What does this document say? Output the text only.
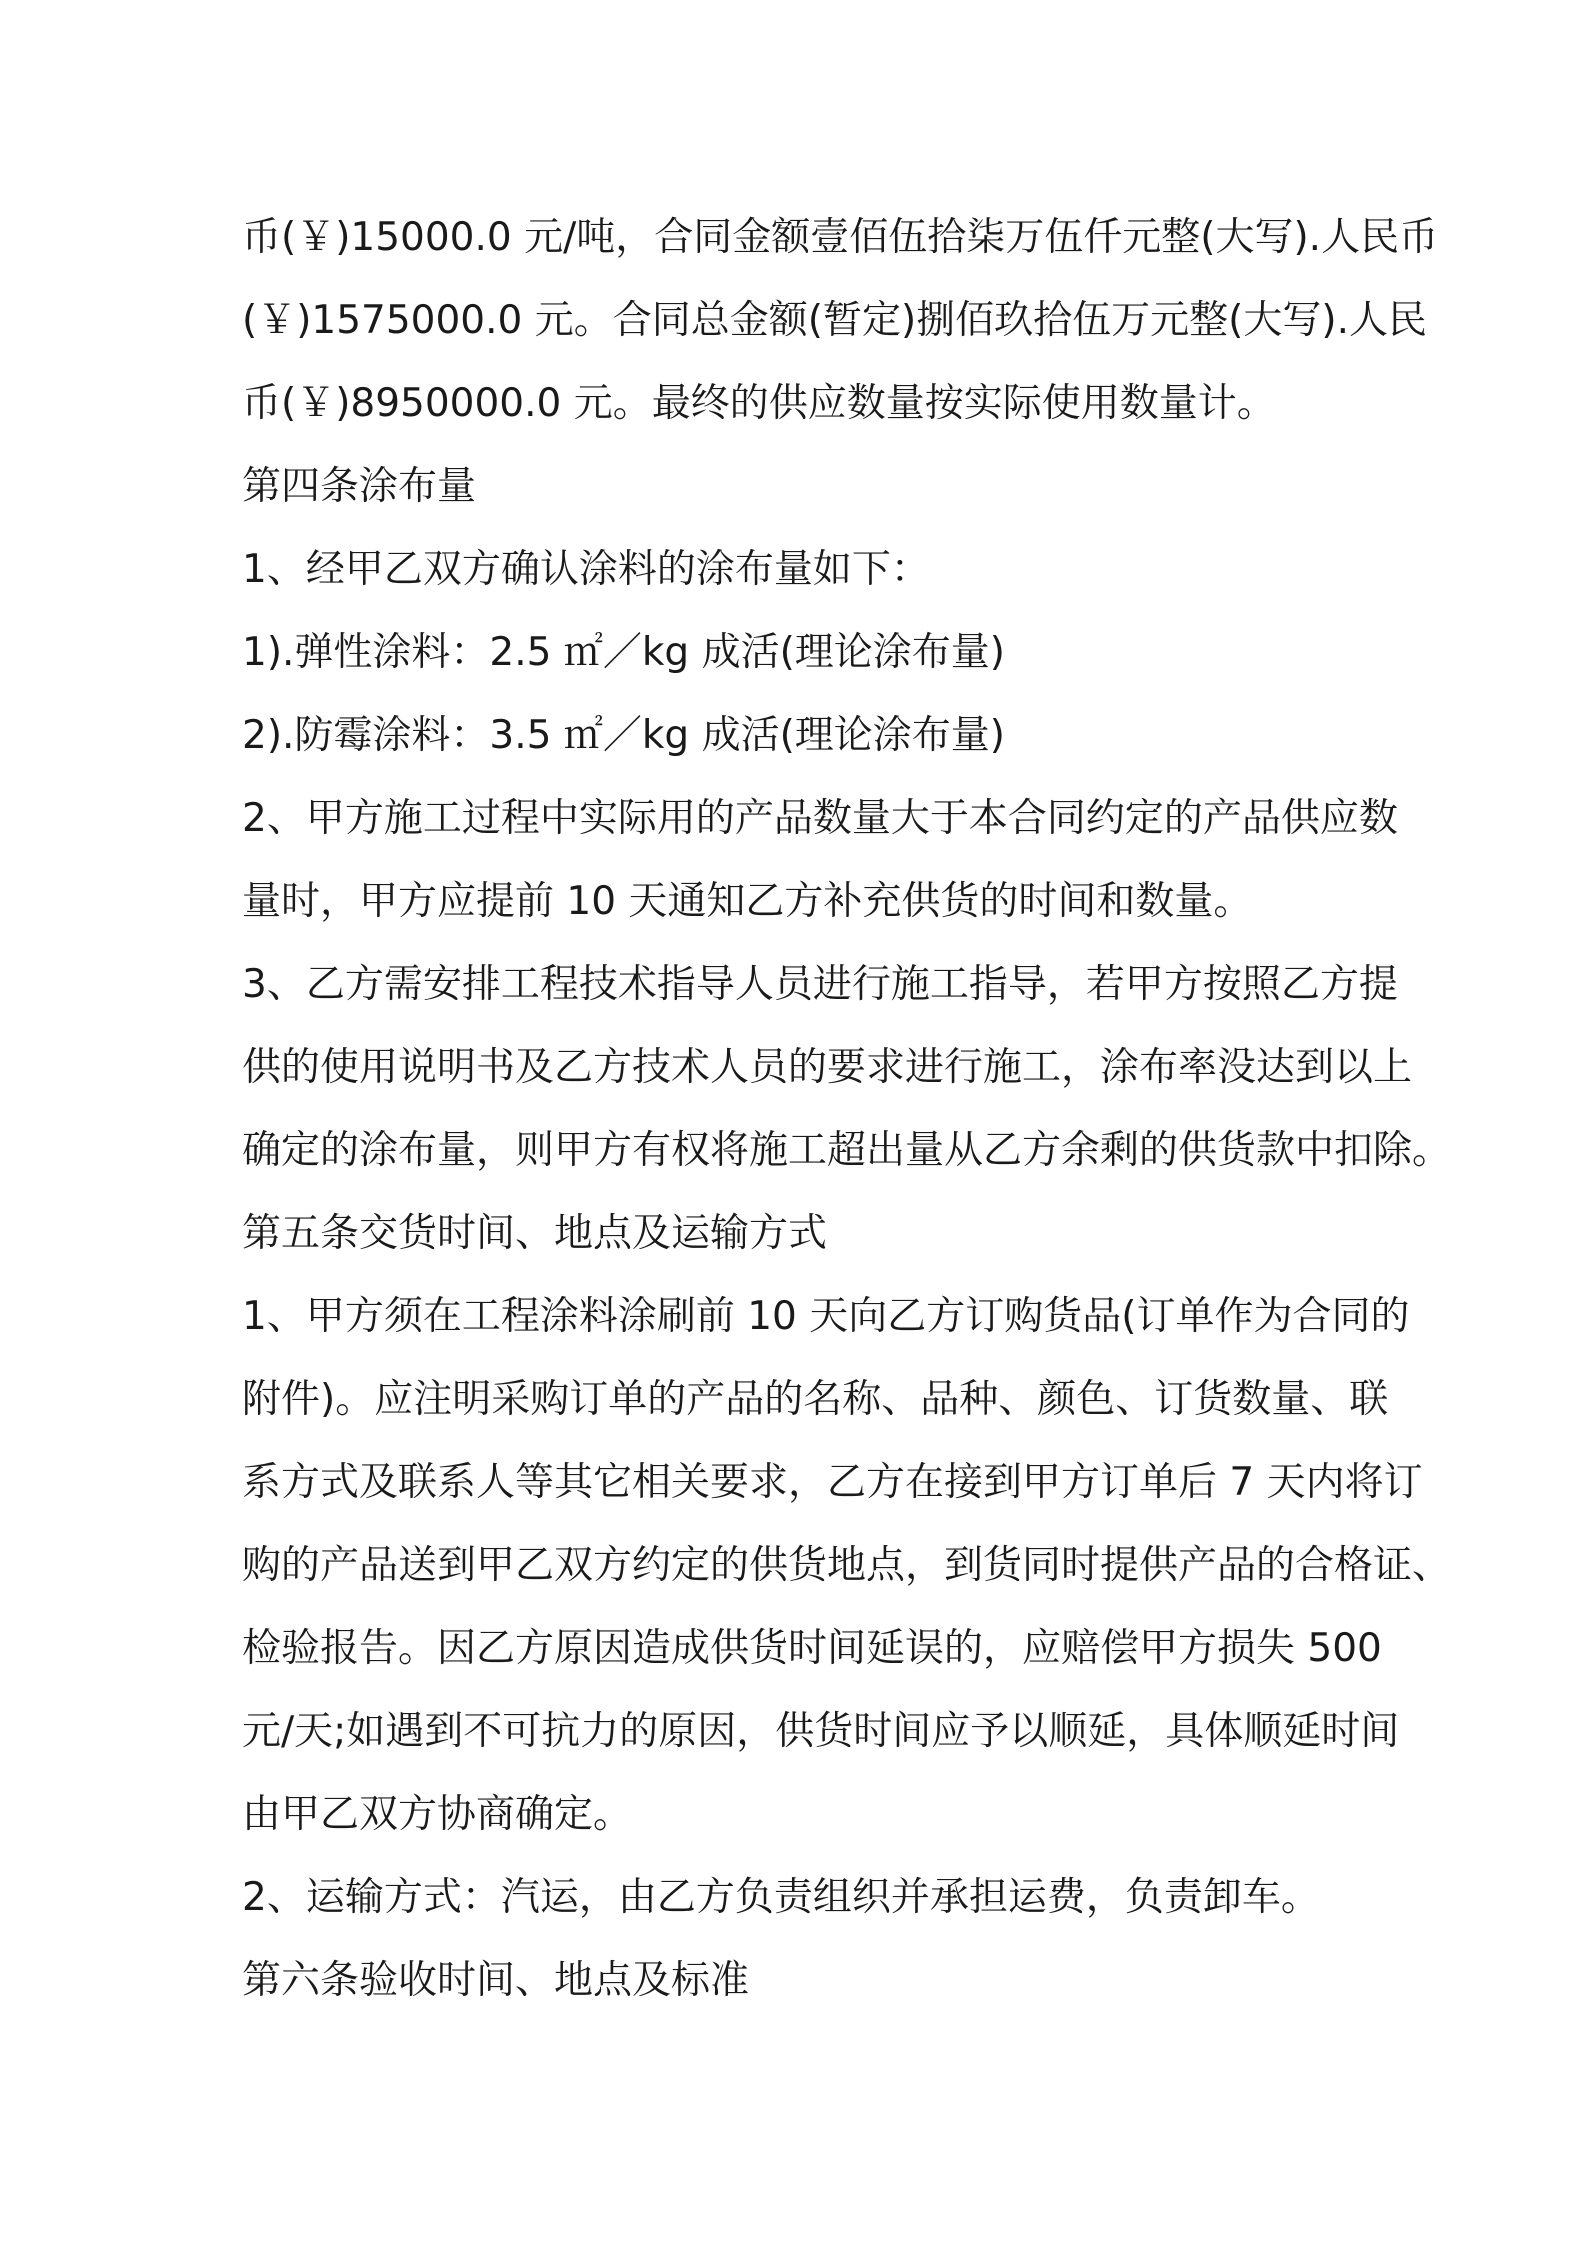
币(￥)15000.0 元/吨，合同金额壹佰伍拾柒万伍仟元整(大写).人民币
(￥)1575000.0 元。合同总金额(暂定)捌佰玖拾伍万元整(大写).人民
币(￥)8950000.0 元。最终的供应数量按实际使用数量计。
第四条涂布量
1、经甲乙双方确认涂料的涂布量如下：
1).弹性涂料：2.5 ㎡／kg 成活(理论涂布量)
2).防霉涂料：3.5 ㎡／kg 成活(理论涂布量)
2、甲方施工过程中实际用的产品数量大于本合同约定的产品供应数
量时，甲方应提前 10 天通知乙方补充供货的时间和数量。
3、乙方需安排工程技术指导人员进行施工指导，若甲方按照乙方提
供的使用说明书及乙方技术人员的要求进行施工，涂布率没达到以上
确定的涂布量，则甲方有权将施工超出量从乙方余剩的供货款中扣除。
第五条交货时间、地点及运输方式
1、甲方须在工程涂料涂刷前 10 天向乙方订购货品(订单作为合同的
附件)。应注明采购订单的产品的名称、品种、颜色、订货数量、联
系方式及联系人等其它相关要求，乙方在接到甲方订单后 7 天内将订
购的产品送到甲乙双方约定的供货地点，到货同时提供产品的合格证、
检验报告。因乙方原因造成供货时间延误的，应赔偿甲方损失 500
元/天;如遇到不可抗力的原因，供货时间应予以顺延，具体顺延时间
由甲乙双方协商确定。
2、运输方式：汽运，由乙方负责组织并承担运费，负责卸车。
第六条验收时间、地点及标准
